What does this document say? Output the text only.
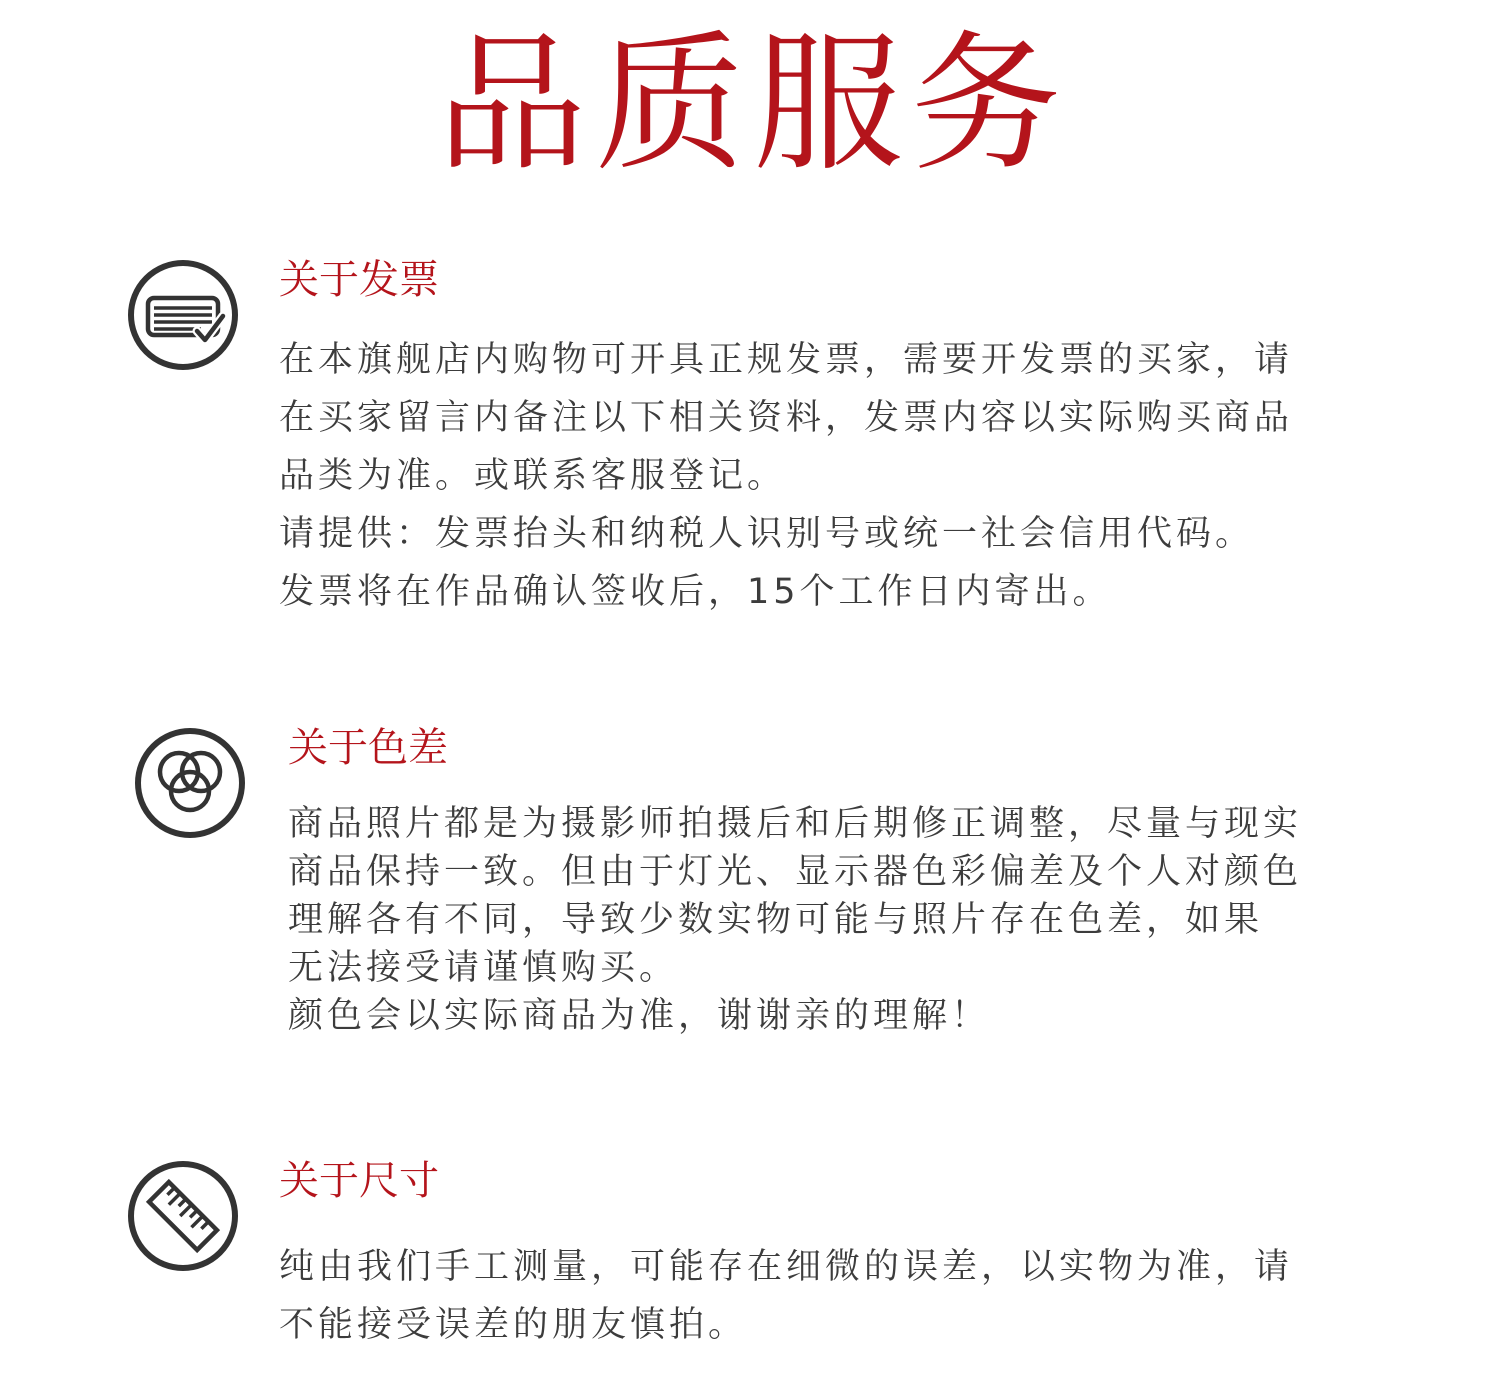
品质服务
关于发票
在本旗舰店内购物可开具正规发票，需要开发票的买家，请
在买家留言内备注以下相关资料，发票内容以实际购买商品
品类为准。或联系客服登记。
请提供：发票抬头和纳税人识别号或统一社会信用代码。
发票将在作品确认签收后，15个工作日内寄出。
关于色差
商品照片都是为摄影师拍摄后和后期修正调整，尽量与现实
商品保持一致。但由于灯光、显示器色彩偏差及个人对颜色
理解各有不同，导致少数实物可能与照片存在色差，如果
无法接受请谨慎购买。
颜色会以实际商品为准，谢谢亲的理解！
关于尺寸
纯由我们手工测量，可能存在细微的误差，以实物为准，请
不能接受误差的朋友慎拍。
